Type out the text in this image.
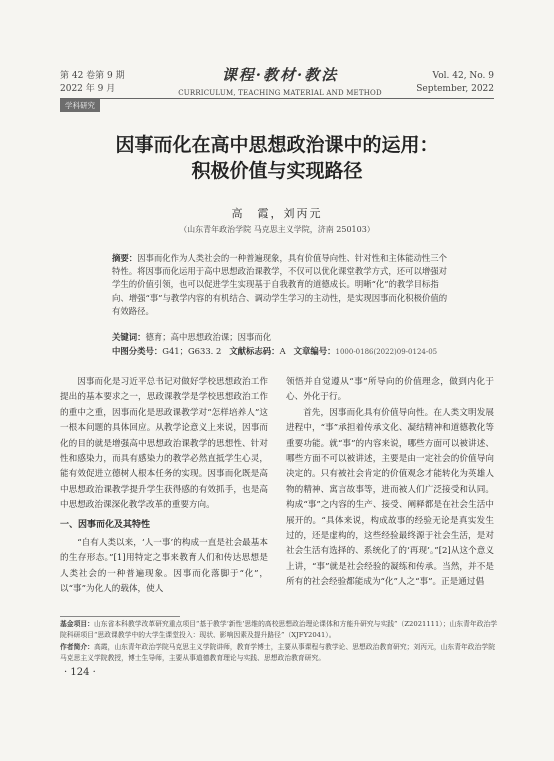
第 42 卷第 9 期
2022 年 9 月
课程·教材·教法
CURRICULUM, TEACHING MATERIAL AND METHOD
Vol. 42, No. 9
September, 2022
学科研究
因事而化在高中思想政治课中的运用：
积极价值与实现路径
高　霞，刘丙元
（山东青年政治学院 马克思主义学院，济南 250103）
摘要：因事而化作为人类社会的一种普遍现象，具有价值导向性、针对性和主体能动性三个特性。将因事而化运用于高中思想政治课教学，不仅可以优化课堂教学方式，还可以增强对学生的价值引领，也可以促进学生实现基于自我教育的道德成长。明晰“化”的教学目标指向、增强“事”与教学内容的有机结合、调动学生学习的主动性，是实现因事而化积极价值的有效路径。
关键词：德育；高中思想政治课；因事而化
中图分类号：G41；G633. 2 文献标志码：A 文章编号：1000-0186(2022)09-0124-05

因事而化是习近平总书记对做好学校思想政治工作提出的基本要求之一，思政课教学是学校思想政治工作的重中之重，因事而化是思政课教学对“怎样培养人”这一根本问题的具体回应。从教学论意义上来说，因事而化的目的就是增强高中思想政治课教学的思想性、针对性和感染力，而具有感染力的教学必然直抵学生心灵，能有效促进立德树人根本任务的实现。因事而化既是高中思想政治课教学提升学生获得感的有效抓手，也是高中思想政治课深化教学改革的重要方向。

一、因事而化及其特性

“自有人类以来，‘人一事’的构成一直是社会最基本的生存形态。”[1]用特定之事来教育人们和传达思想是人类社会的一种普遍现象。因事而化落脚于“化”，以“事”为化人的载体，使人

领悟并自觉遵从“事”所导向的价值理念，做到内化于心、外化于行。

首先，因事而化具有价值导向性。在人类文明发展进程中，“事”承担着传承文化、凝结精神和道德教化等重要功能。就“事”的内容来说，哪些方面可以被讲述、哪些方面不可以被讲述，主要是由一定社会的价值导向决定的。只有被社会肯定的价值观念才能转化为英雄人物的精神、寓言故事等，进而被人们广泛接受和认同。构成“事”之内容的生产、接受、阐释都是在社会生活中展开的。“具体来说，构成故事的经验无论是真实发生过的，还是虚构的，这些经验最终源于社会生活，是对社会生活有选择的、系统化了的‘再现’。”[2]从这个意义上讲，“事”就是社会经验的凝练和传承。当然，并不是所有的社会经验都能成为“化”人之“事”。正是通过倡

基金项目：山东省本科教学改革研究重点项目“基于教学‘新性’思维的高校思想政治理论课体和方能升研究与实践”（Z2021111）；山东青年政治学院科研项目“思政课教学中的大学生课堂投入：现状、影响因素及提升路径”（XJFY2041）。
作者简介：高霞，山东青年政治学院马克思主义学院讲师，教育学博士，主要从事课程与教学论、思想政治教育研究；刘丙元，山东青年政治学院马克思主义学院教授，博士生导师，主要从事道德教育理论与实践、思想政治教育研究。
· 124 ·
